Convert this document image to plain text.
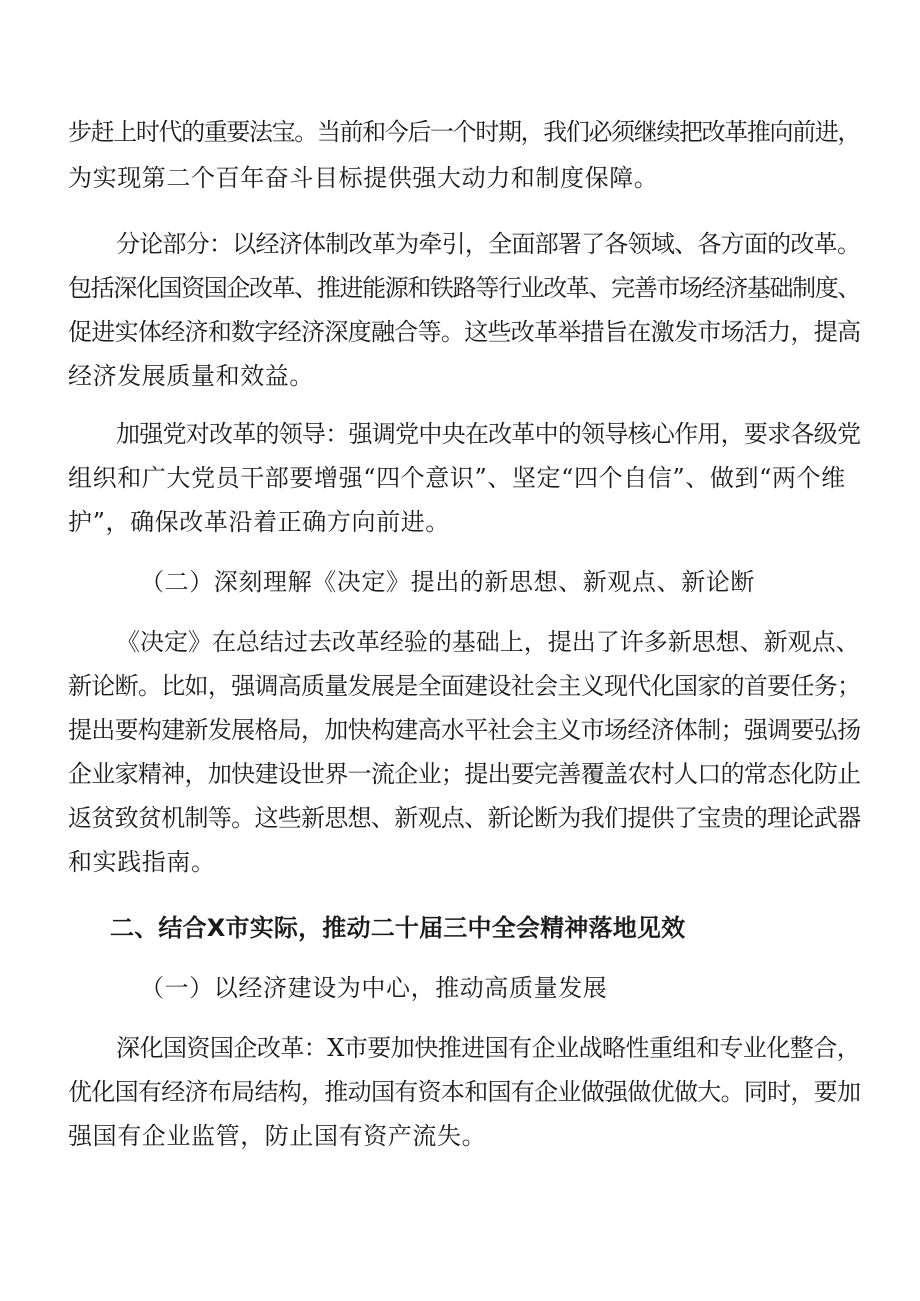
步赶上时代的重要法宝。当前和今后一个时期，我们必须继续把改革推向前进，
为实现第二个百年奋斗目标提供强大动力和制度保障。
分论部分：以经济体制改革为牵引，全面部署了各领域、各方面的改革。
包括深化国资国企改革、推进能源和铁路等行业改革、完善市场经济基础制度、
促进实体经济和数字经济深度融合等。这些改革举措旨在激发市场活力，提高
经济发展质量和效益。
加强党对改革的领导：强调党中央在改革中的领导核心作用，要求各级党
组织和广大党员干部要增强“四个意识”、坚定“四个自信”、做到“两个维
护”，确保改革沿着正确方向前进。
（二）深刻理解《决定》提出的新思想、新观点、新论断
《决定》在总结过去改革经验的基础上，提出了许多新思想、新观点、
新论断。比如，强调高质量发展是全面建设社会主义现代化国家的首要任务；
提出要构建新发展格局，加快构建高水平社会主义市场经济体制；强调要弘扬
企业家精神，加快建设世界一流企业；提出要完善覆盖农村人口的常态化防止
返贫致贫机制等。这些新思想、新观点、新论断为我们提供了宝贵的理论武器
和实践指南。
二、结合X市实际，推动二十届三中全会精神落地见效
（一）以经济建设为中心，推动高质量发展
深化国资国企改革：X市要加快推进国有企业战略性重组和专业化整合，
优化国有经济布局结构，推动国有资本和国有企业做强做优做大。同时，要加
强国有企业监管，防止国有资产流失。
